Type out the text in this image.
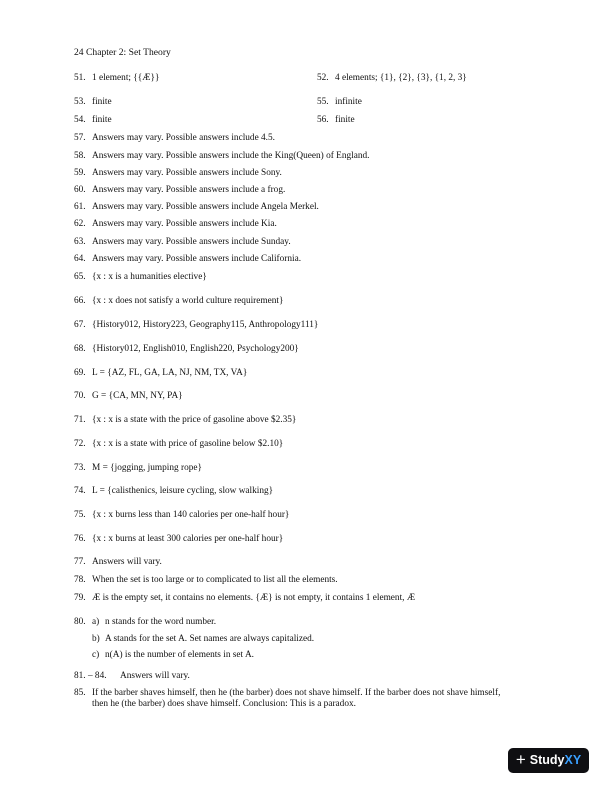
24 Chapter 2: Set Theory
51. 1 element; {{Æ}}	52. 4 elements; {1}, {2}, {3}, {1, 2, 3}
53. finite	55. infinite
54. finite	56. finite
57. Answers may vary. Possible answers include 4.5.
58. Answers may vary. Possible answers include the King(Queen) of England.
59. Answers may vary. Possible answers include Sony.
60. Answers may vary. Possible answers include a frog.
61. Answers may vary. Possible answers include Angela Merkel.
62. Answers may vary. Possible answers include Kia.
63. Answers may vary. Possible answers include Sunday.
64. Answers may vary. Possible answers include California.
65. {x : x is a humanities elective}
66. {x : x does not satisfy a world culture requirement}
67. {History012, History223, Geography115, Anthropology111}
68. {History012, English010, English220, Psychology200}
69. L = {AZ, FL, GA, LA, NJ, NM, TX, VA}
70. G = {CA, MN, NY, PA}
71. {x : x is a state with the price of gasoline above $2.35}
72. {x : x is a state with price of gasoline below $2.10}
73. M = {jogging, jumping rope}
74. L = {calisthenics, leisure cycling, slow walking}
75. {x : x burns less than 140 calories per one-half hour}
76. {x : x burns at least 300 calories per one-half hour}
77. Answers will vary.
78. When the set is too large or to complicated to list all the elements.
79. Æ is the empty set, it contains no elements. {Æ} is not empty, it contains 1 element, Æ
80. a) n stands for the word number.
b) A stands for the set A. Set names are always capitalized.
c) n(A) is the number of elements in set A.
81. – 84. Answers will vary.
85. If the barber shaves himself, then he (the barber) does not shave himself. If the barber does not shave himself, then he (the barber) does shave himself. Conclusion: This is a paradox.
+ Study XY
